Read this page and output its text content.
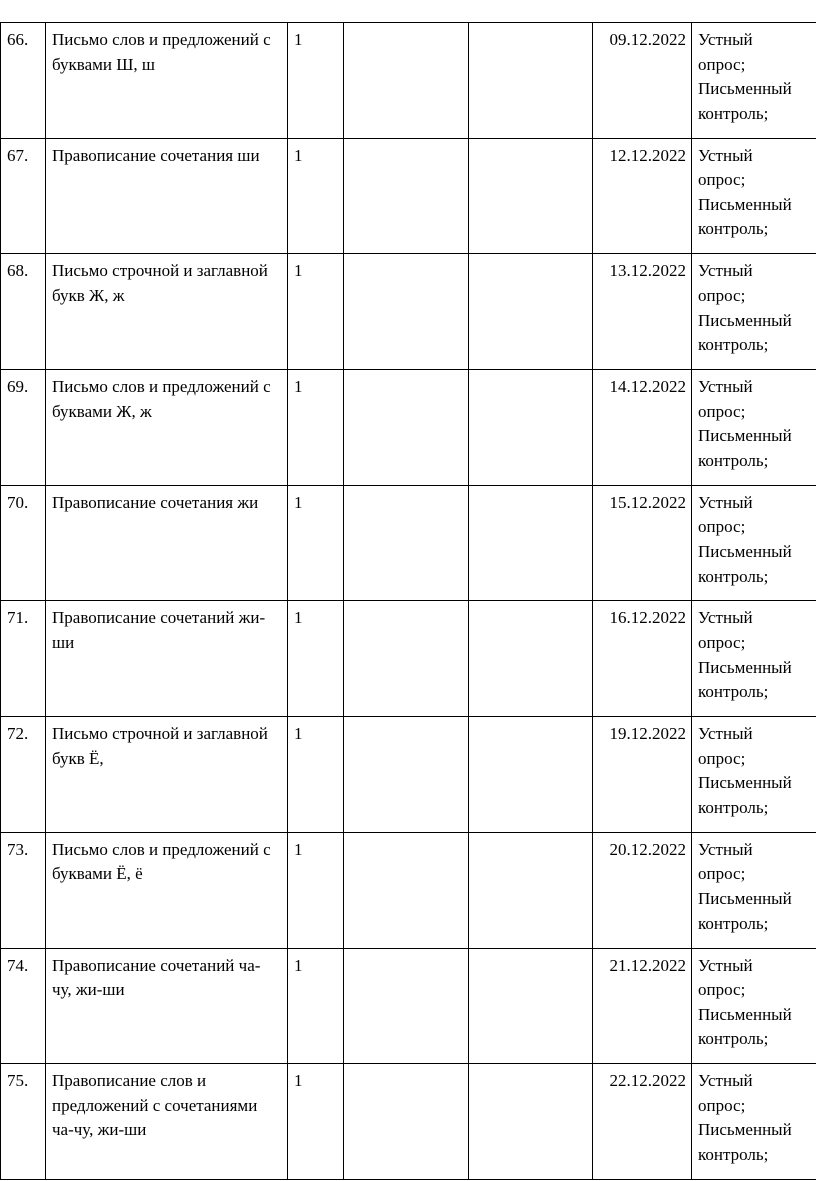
66.	Письмо слов и предложений с буквами Ш, ш	1			09.12.2022	Устный
опрос;
Письменный
контроль;

67.	Правописание сочетания ши	1			12.12.2022	Устный
опрос;
Письменный
контроль;

68.	Письмо строчной и заглавной букв Ж, ж	1			13.12.2022	Устный
опрос;
Письменный
контроль;

69.	Письмо слов и предложений с буквами Ж, ж	1			14.12.2022	Устный
опрос;
Письменный
контроль;

70.	Правописание сочетания жи	1			15.12.2022	Устный
опрос;
Письменный
контроль;

71.	Правописание сочетаний жи- ши	1			16.12.2022	Устный
опрос;
Письменный
контроль;

72.	Письмо строчной и заглавной букв Ё,	1			19.12.2022	Устный
опрос;
Письменный
контроль;

73.	Письмо слов и предложений с буквами Ё, ё	1			20.12.2022	Устный
опрос;
Письменный
контроль;

74.	Правописание сочетаний ча- чу, жи-ши	1			21.12.2022	Устный
опрос;
Письменный
контроль;

75.	Правописание слов и предложений с сочетаниями ча-чу, жи-ши	1			22.12.2022	Устный
опрос;
Письменный
контроль;
